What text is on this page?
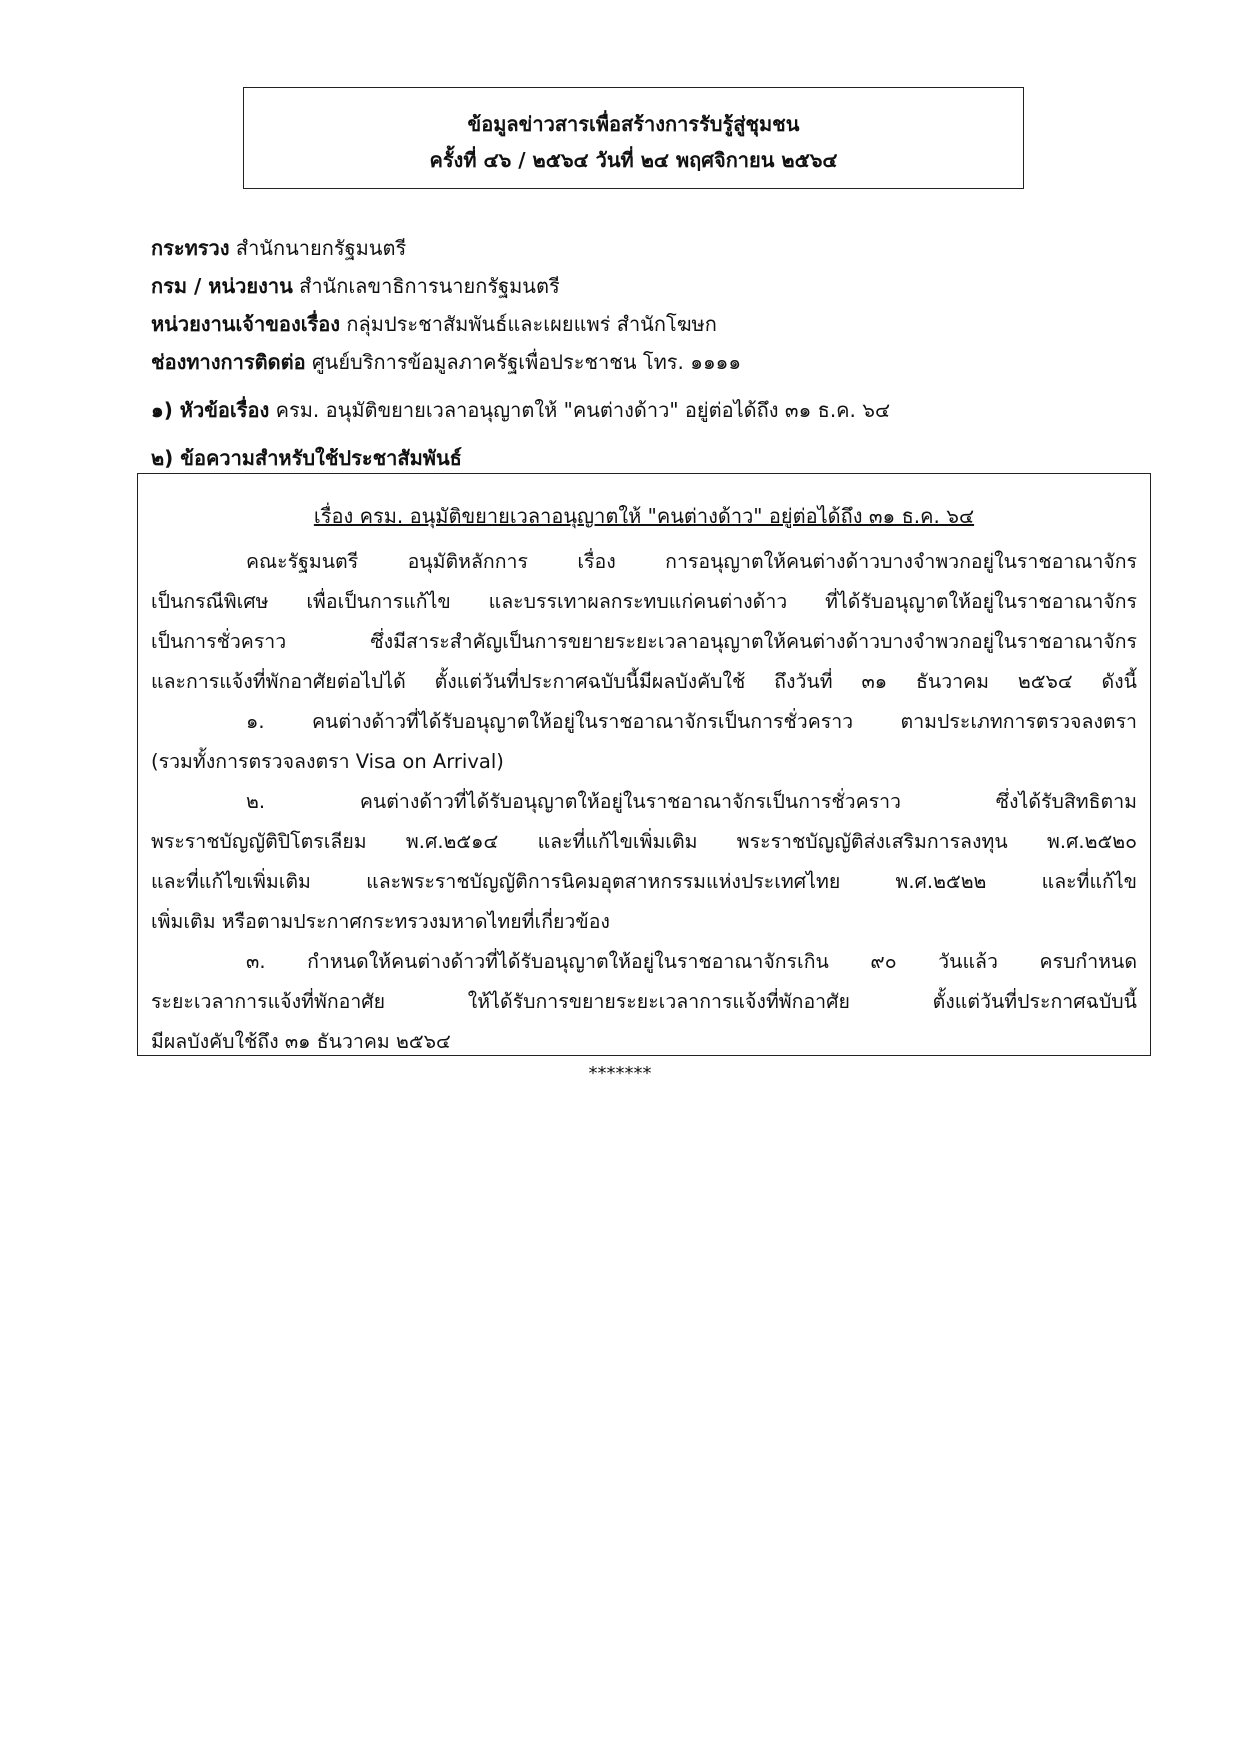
ข้อมูลข่าวสารเพื่อสร้างการรับรู้สู่ชุมชน
ครั้งที่ ๔๖ / ๒๕๖๔ วันที่ ๒๔ พฤศจิกายน ๒๕๖๔
กระทรวง สำนักนายกรัฐมนตรี
กรม / หน่วยงาน สำนักเลขาธิการนายกรัฐมนตรี
หน่วยงานเจ้าของเรื่อง กลุ่มประชาสัมพันธ์และเผยแพร่ สำนักโฆษก
ช่องทางการติดต่อ ศูนย์บริการข้อมูลภาครัฐเพื่อประชาชน โทร. ๑๑๑๑
๑) หัวข้อเรื่อง ครม. อนุมัติขยายเวลาอนุญาตให้ "คนต่างด้าว" อยู่ต่อได้ถึง ๓๑ ธ.ค. ๖๔
๒) ข้อความสำหรับใช้ประชาสัมพันธ์
เรื่อง ครม. อนุมัติขยายเวลาอนุญาตให้ "คนต่างด้าว" อยู่ต่อได้ถึง ๓๑ ธ.ค. ๖๔
คณะรัฐมนตรี อนุมัติหลักการ เรื่อง การอนุญาตให้คนต่างด้าวบางจำพวกอยู่ในราชอาณาจักร
เป็นกรณีพิเศษ เพื่อเป็นการแก้ไข และบรรเทาผลกระทบแก่คนต่างด้าว ที่ได้รับอนุญาตให้อยู่ในราชอาณาจักร
เป็นการชั่วคราว ซึ่งมีสาระสำคัญเป็นการขยายระยะเวลาอนุญาตให้คนต่างด้าวบางจำพวกอยู่ในราชอาณาจักร
และการแจ้งที่พักอาศัยต่อไปได้ ตั้งแต่วันที่ประกาศฉบับนี้มีผลบังคับใช้ ถึงวันที่ ๓๑ ธันวาคม ๒๕๖๔ ดังนี้
๑. คนต่างด้าวที่ได้รับอนุญาตให้อยู่ในราชอาณาจักรเป็นการชั่วคราว ตามประเภทการตรวจลงตรา
(รวมทั้งการตรวจลงตรา Visa on Arrival)
๒. คนต่างด้าวที่ได้รับอนุญาตให้อยู่ในราชอาณาจักรเป็นการชั่วคราว ซึ่งได้รับสิทธิตาม
พระราชบัญญัติปิโตรเลียม พ.ศ.๒๕๑๔ และที่แก้ไขเพิ่มเติม พระราชบัญญัติส่งเสริมการลงทุน พ.ศ.๒๕๒๐
และที่แก้ไขเพิ่มเติม และพระราชบัญญัติการนิคมอุตสาหกรรมแห่งประเทศไทย พ.ศ.๒๕๒๒ และที่แก้ไข
เพิ่มเติม หรือตามประกาศกระทรวงมหาดไทยที่เกี่ยวข้อง
๓. กำหนดให้คนต่างด้าวที่ได้รับอนุญาตให้อยู่ในราชอาณาจักรเกิน ๙๐ วันแล้ว ครบกำหนด
ระยะเวลาการแจ้งที่พักอาศัย ให้ได้รับการขยายระยะเวลาการแจ้งที่พักอาศัย ตั้งแต่วันที่ประกาศฉบับนี้
มีผลบังคับใช้ถึง ๓๑ ธันวาคม ๒๕๖๔
*******
